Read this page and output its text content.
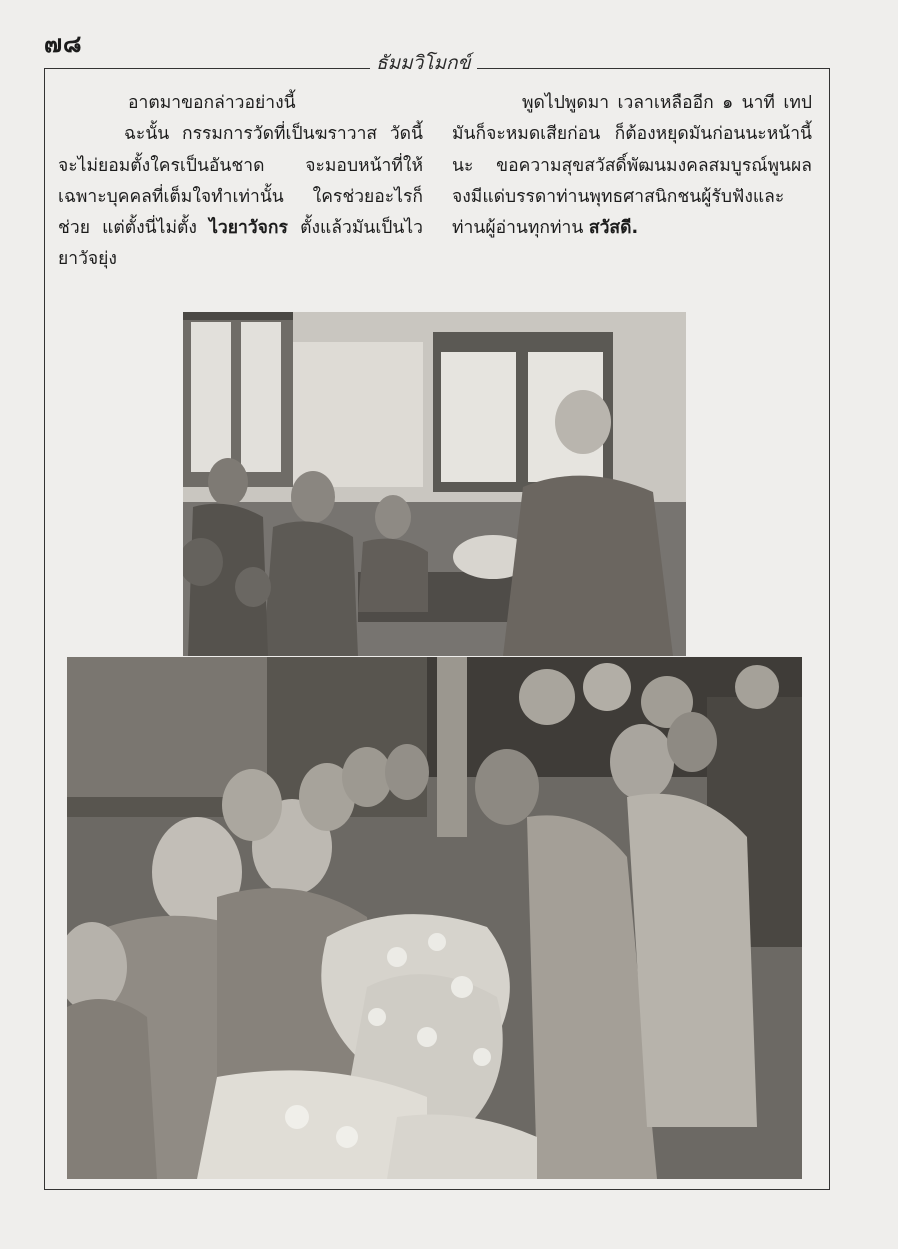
๗๘
ธัมมวิโมกข์

อาตมาขอกล่าวอย่างนี้

ฉะนั้น กรรมการวัดที่เป็นฆราวาส วัดนี้จะไม่ยอมตั้งใครเป็นอันชาด จะมอบหน้าที่ให้เฉพาะบุคคลที่เต็มใจทำเท่านั้น ใครช่วยอะไรก็ช่วย แต่ตั้งนี่ไม่ตั้ง ไวยาวัจกร ตั้งแล้วมันเป็นไวยาวัจยุ่ง

พูดไปพูดมา เวลาเหลืออีก ๑ นาที เทปมันก็จะหมดเสียก่อน ก็ต้องหยุดมันก่อนนะหน้านี้นะ ขอความสุขสวัสดิ์พัฒนมงคลสมบูรณ์พูนผล จงมีแด่บรรดาท่านพุทธศาสนิกชนผู้รับฟังและท่านผู้อ่านทุกท่าน สวัสดี.
